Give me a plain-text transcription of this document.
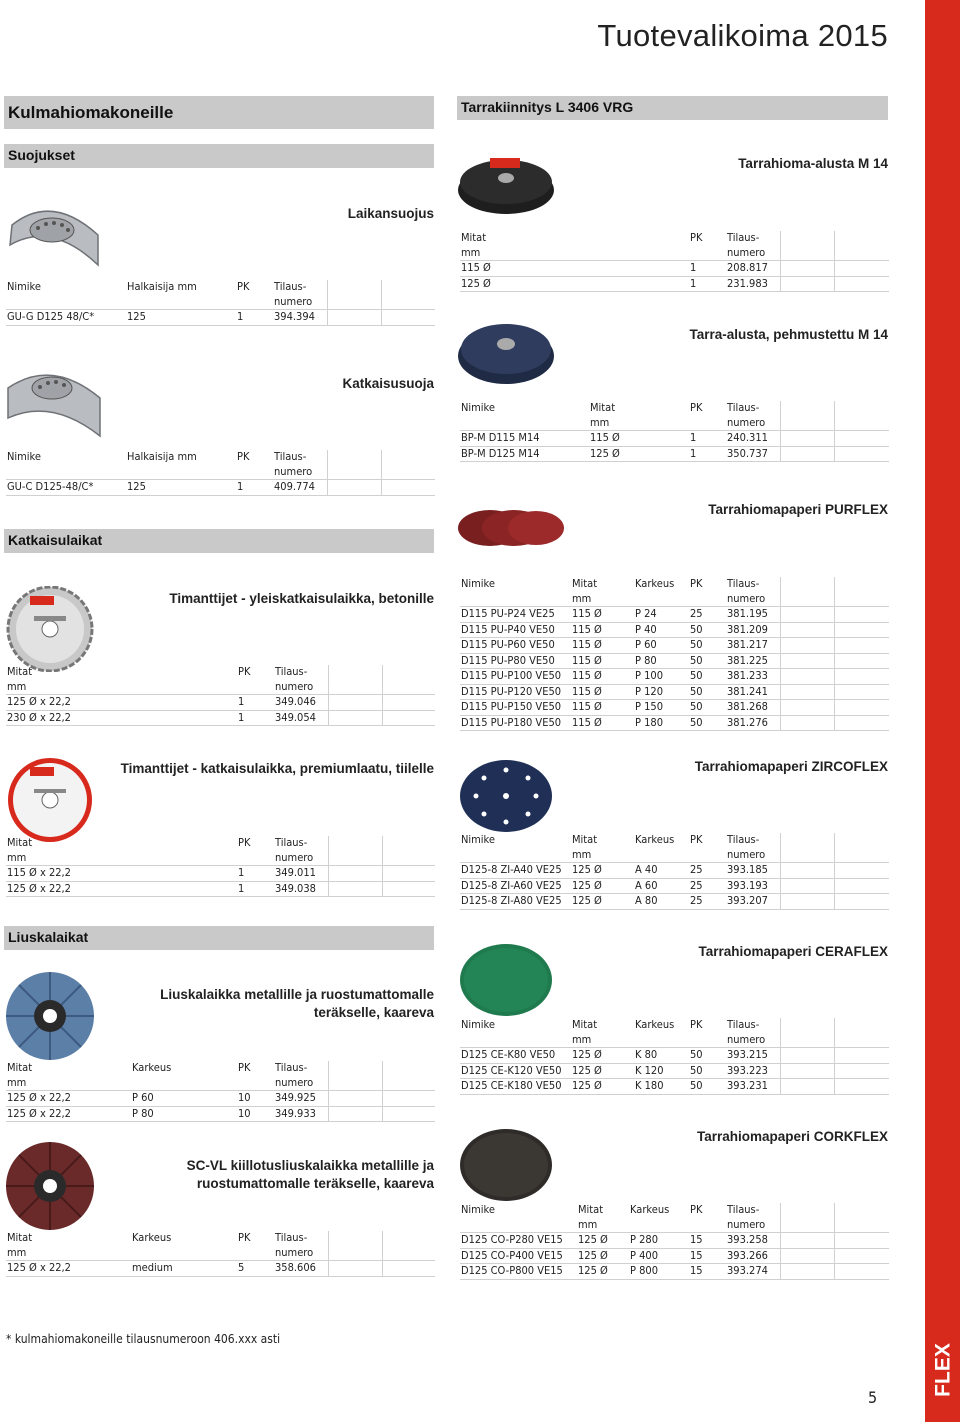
FLEX
Tuotevalikoima 2015
Kulmahiomakoneille
Suojukset
Laikansuojus
Nimike	Halkaisija mm	PK	Tilaus-
numero		
GU-G D125 48/C*	125	1	394.394		
Katkaisusuoja
Nimike	Halkaisija mm	PK	Tilaus-
numero		
GU-C D125-48/C*	125	1	409.774		
Katkaisulaikat
Timanttijet - yleiskatkaisulaikka, betonille
Mitat
mm	PK	Tilaus-
numero		
125 Ø x 22,2	1	349.046		
230 Ø x 22,2	1	349.054		
Timanttijet - katkaisulaikka, premiumlaatu, tiilelle
Mitat
mm	PK	Tilaus-
numero		
115 Ø x 22,2	1	349.011		
125 Ø x 22,2	1	349.038		
Liuskalaikat
Liuskalaikka metallille ja ruostumattomalle
teräkselle, kaareva
Mitat
mm	Karkeus	PK	Tilaus-
numero		
125 Ø x 22,2	P 60	10	349.925		
125 Ø x 22,2	P 80	10	349.933		
SC-VL kiillotusliuskalaikka metallille ja
ruostumattomalle teräkselle, kaareva
Mitat
mm	Karkeus	PK	Tilaus-
numero		
125 Ø x 22,2	medium	5	358.606		
Tarrakiinnitys L 3406 VRG
Tarrahioma-alusta M 14
Mitat
mm	PK	Tilaus-
numero		
115 Ø	1	208.817		
125 Ø	1	231.983		
Tarra-alusta, pehmustettu M 14
Nimike	Mitat
mm	PK	Tilaus-
numero		
BP-M D115 M14	115 Ø	1	240.311		
BP-M D125 M14	125 Ø	1	350.737		
Tarrahiomapaperi PURFLEX
Nimike	Mitat
mm	Karkeus	PK	Tilaus-
numero		
D115 PU-P24 VE25	115 Ø	P 24	25	381.195		
D115 PU-P40 VE50	115 Ø	P 40	50	381.209		
D115 PU-P60 VE50	115 Ø	P 60	50	381.217		
D115 PU-P80 VE50	115 Ø	P 80	50	381.225		
D115 PU-P100 VE50	115 Ø	P 100	50	381.233		
D115 PU-P120 VE50	115 Ø	P 120	50	381.241		
D115 PU-P150 VE50	115 Ø	P 150	50	381.268		
D115 PU-P180 VE50	115 Ø	P 180	50	381.276		
Tarrahiomapaperi ZIRCOFLEX
Nimike	Mitat
mm	Karkeus	PK	Tilaus-
numero		
D125-8 ZI-A40 VE25	125 Ø	A 40	25	393.185		
D125-8 ZI-A60 VE25	125 Ø	A 60	25	393.193		
D125-8 ZI-A80 VE25	125 Ø	A 80	25	393.207		
Tarrahiomapaperi CERAFLEX
Nimike	Mitat
mm	Karkeus	PK	Tilaus-
numero		
D125 CE-K80 VE50	125 Ø	K 80	50	393.215		
D125 CE-K120 VE50	125 Ø	K 120	50	393.223		
D125 CE-K180 VE50	125 Ø	K 180	50	393.231		
Tarrahiomapaperi CORKFLEX
Nimike	Mitat
mm	Karkeus	PK	Tilaus-
numero		
D125 CO-P280 VE15	125 Ø	P 280	15	393.258		
D125 CO-P400 VE15	125 Ø	P 400	15	393.266		
D125 CO-P800 VE15	125 Ø	P 800	15	393.274		
* kulmahiomakoneille tilausnumeroon 406.xxx asti
5
